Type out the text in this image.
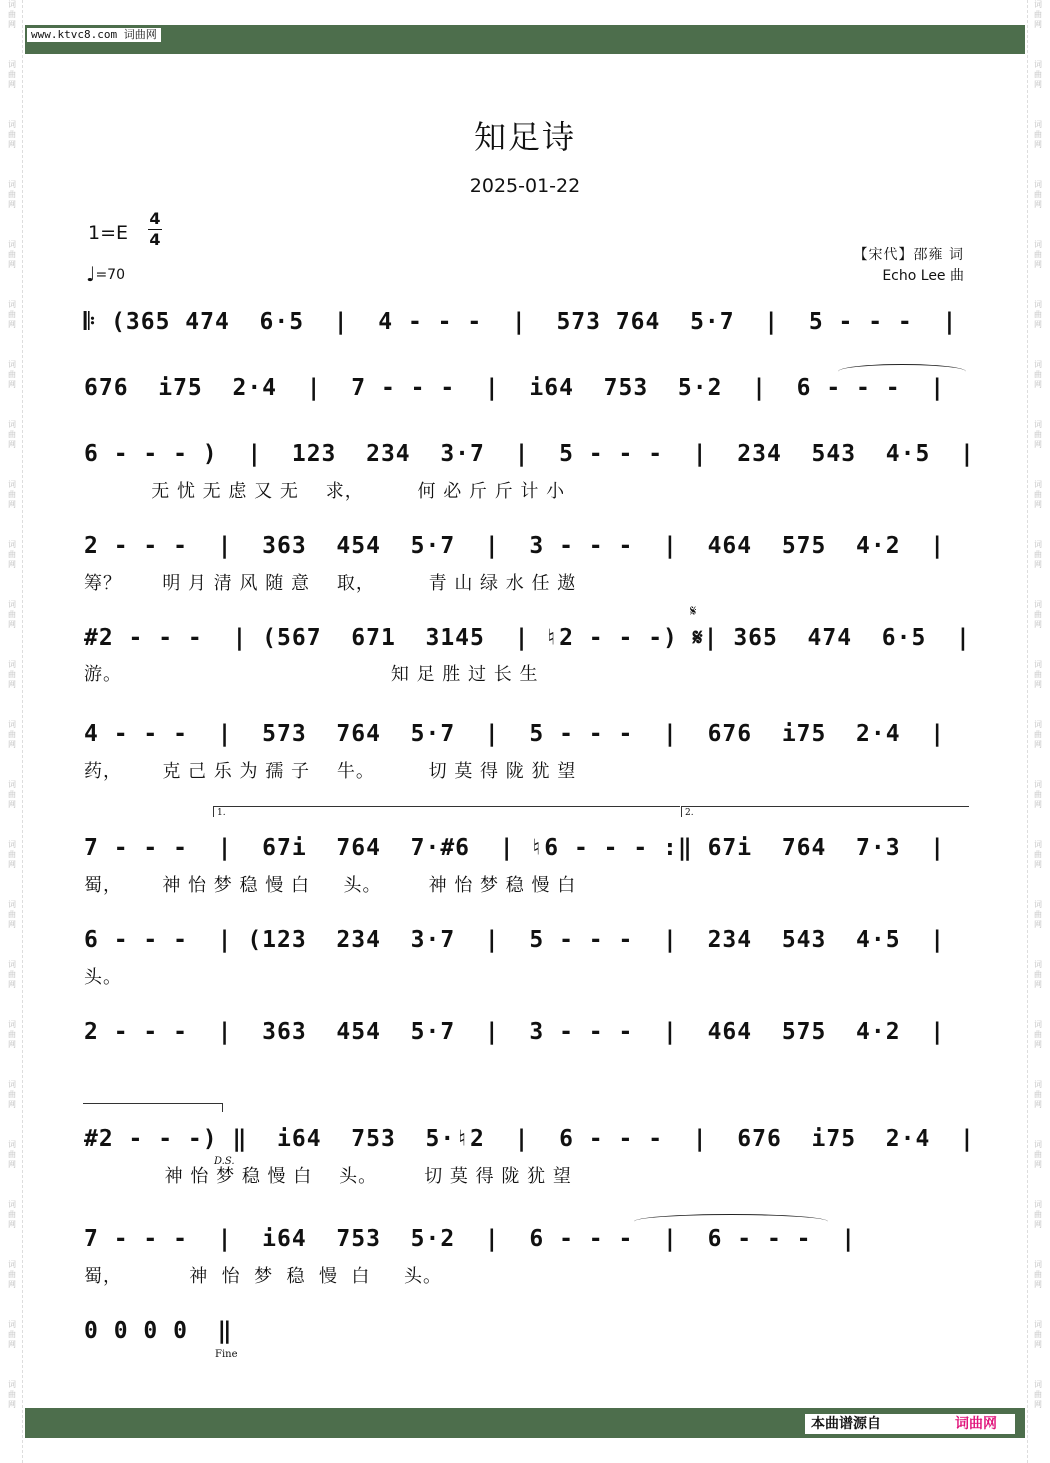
词
曲
网
词
曲
网
词
曲
网
词
曲
网
词
曲
网
词
曲
网
词
曲
网
词
曲
网
词
曲
网
词
曲
网
词
曲
网
词
曲
网
词
曲
网
词
曲
网
词
曲
网
词
曲
网
词
曲
网
词
曲
网
词
曲
网
词
曲
网
词
曲
网
词
曲
网
词
曲
网
词
曲
网
词
曲
网
词
曲
网
词
曲
网
词
曲
网
词
曲
网
词
曲
网
词
曲
网
词
曲
网
词
曲
网
词
曲
网
词
曲
网
词
曲
网
词
曲
网
词
曲
网
词
曲
网
词
曲
网
词
曲
网
词
曲
网
词
曲
网
词
曲
网
词
曲
网
词
曲
网
词
曲
网
词
曲
网
www.ktvc8.com 词曲网
知足诗
2025-01-22
1=E
4
4
♩=70
【宋代】邵雍 词
Echo Lee 曲
𝄆 (365 474  6·5  |  4 - - -  |  573 764  5·7  |  5 - - -  |
676  i75  2·4  |  7 - - -  |  i64  753  5·2  |  6 - - -  |
6 - - - )  |  123  234  3·7  |  5 - - -  |  234  543  4·5  |
无 忧 无 虑 又 无    求，        何 必 斤 斤 计 小
2 - - -  |  363  454  5·7  |  3 - - -  |  464  575  4·2  |
筹？      明 月 清 风 随 意    取，        青 山 绿 水 任 遨
𝄋
#2 - - -  | (567  671  3145  | ♮2 - - -) 𝄋| 365  474  6·5  |
游。                                        知 足 胜 过 长 生
4 - - -  |  573  764  5·7  |  5 - - -  |  676  i75  2·4  |
药，      克 己 乐 为 孺 子    牛。        切 莫 得 陇 犹 望
1.	2.
7 - - -  |  67i  764  7·#6  | ♮6 - - - :‖ 67i  764  7·3  |
蜀，      神 怡 梦 稳 慢 白     头。       神 怡 梦 稳 慢 白
6 - - -  | (123  234  3·7  |  5 - - -  |  234  543  4·5  |
头。
2 - - -  |  363  454  5·7  |  3 - - -  |  464  575  4·2  |
#2 - - -) ‖  i64  753  5·♮2  |  6 - - -  |  676  i75  2·4  |
D.S.
神 怡 梦 稳 慢 白    头。       切 莫 得 陇 犹 望
7 - - -  |  i64  753  5·2  |  6 - - -  |  6 - - -  |
蜀，          神  怡  梦  稳  慢  白     头。
0 0 0 0  ‖
Fine
本曲谱源自	词曲网
